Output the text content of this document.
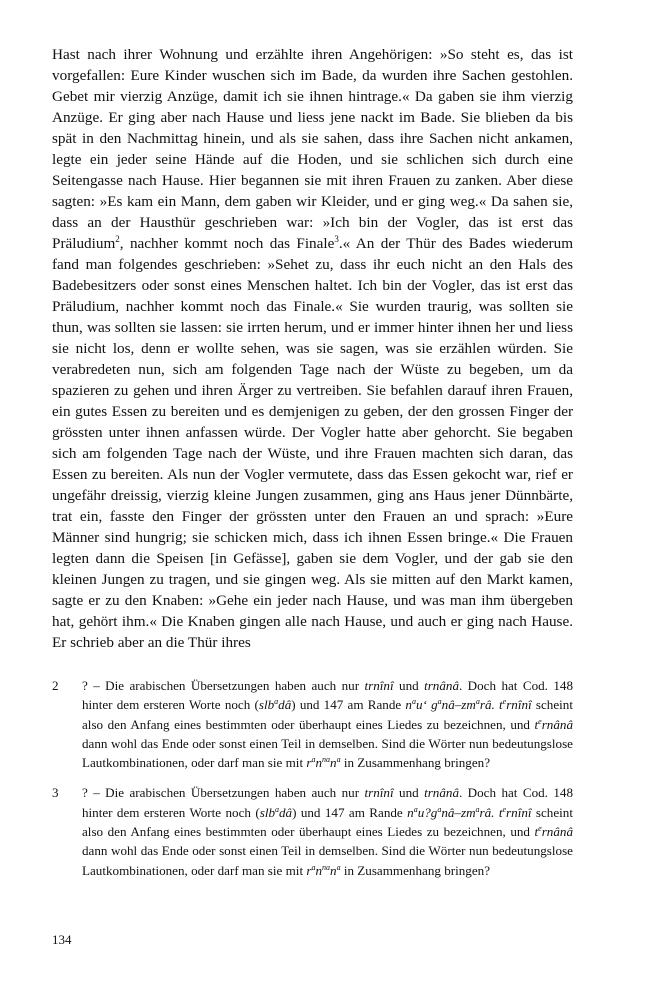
Hast nach ihrer Wohnung und erzählte ihren Angehörigen: »So steht es, das ist vorgefallen: Eure Kinder wuschen sich im Bade, da wurden ihre Sachen gestohlen. Gebet mir vierzig Anzüge, damit ich sie ihnen hintrage.« Da gaben sie ihm vierzig Anzüge. Er ging aber nach Hause und liess jene nackt im Bade. Sie blieben da bis spät in den Nachmittag hinein, und als sie sahen, dass ihre Sachen nicht ankamen, legte ein jeder seine Hände auf die Hoden, und sie schlichen sich durch eine Seitengasse nach Hause. Hier begannen sie mit ihren Frauen zu zanken. Aber diese sagten: »Es kam ein Mann, dem gaben wir Kleider, und er ging weg.« Da sahen sie, dass an der Hausthür geschrieben war: »Ich bin der Vogler, das ist erst das Präludium$^2$, nachher kommt noch das Finale$^3$.« An der Thür des Bades wiederum fand man folgendes geschrieben: »Sehet zu, dass ihr euch nicht an den Hals des Badebesitzers oder sonst eines Menschen haltet. Ich bin der Vogler, das ist erst das Präludium, nachher kommt noch das Finale.« Sie wurden traurig, was sollten sie thun, was sollten sie lassen: sie irrten herum, und er immer hinter ihnen her und liess sie nicht los, denn er wollte sehen, was sie sagen, was sie erzählen würden. Sie verabredeten nun, sich am folgenden Tage nach der Wüste zu begeben, um da spazieren zu gehen und ihren Ärger zu vertreiben. Sie befahlen darauf ihren Frauen, ein gutes Essen zu bereiten und es demjenigen zu geben, der den grossen Finger der grössten unter ihnen anfassen würde. Der Vogler hatte aber gehorcht. Sie begaben sich am folgenden Tage nach der Wüste, und ihre Frauen machten sich daran, das Essen zu bereiten. Als nun der Vogler vermutete, dass das Essen gekocht war, rief er ungefähr dreissig, vierzig kleine Jungen zusammen, ging ans Haus jener Dünnbärte, trat ein, fasste den Finger der grössten unter den Frauen an und sprach: »Eure Männer sind hungrig; sie schicken mich, dass ich ihnen Essen bringe.« Die Frauen legten dann die Speisen [in Gefässe], gaben sie dem Vogler, und der gab sie den kleinen Jungen zu tragen, und sie gingen weg. Als sie mitten auf den Markt kamen, sagte er zu den Knaben: »Gehe ein jeder nach Hause, und was man ihm übergeben hat, gehört ihm.« Die Knaben gingen alle nach Hause, und auch er ging nach Hause. Er schrieb aber an die Thür ihres

2	? – Die arabischen Übersetzungen haben auch nur trnînî und trnânâ. Doch hat Cod. 148 hinter dem ersteren Worte noch (slb$^a$dâ) und 147 am Rande $n^au‘$ $g^anâ-zm^arâ$. $t^ernînî$ scheint also den Anfang eines bestimmten oder überhaupt eines Liedes zu bezeichnen, und $t^ernânâ$ dann wohl das Ende oder sonst einen Teil in demselben. Sind die Wörter nun bedeutungslose Lautkombinationen, oder darf man sie mit $r^an^{na}n^a$ in Zusammenhang bringen?

3	? – Die arabischen Übersetzungen haben auch nur trnînî und trnânâ. Doch hat Cod. 148 hinter dem ersteren Worte noch (slb$^a$dâ) und 147 am Rande $n^au?g^anâ-zm^arâ$. $t^ernînî$ scheint also den Anfang eines bestimmten oder überhaupt eines Liedes zu bezeichnen, und $t^ernânâ$ dann wohl das Ende oder sonst einen Teil in demselben. Sind die Wörter nun bedeutungslose Lautkombinationen, oder darf man sie mit $r^an^{na}n^a$ in Zusammenhang bringen?

134
